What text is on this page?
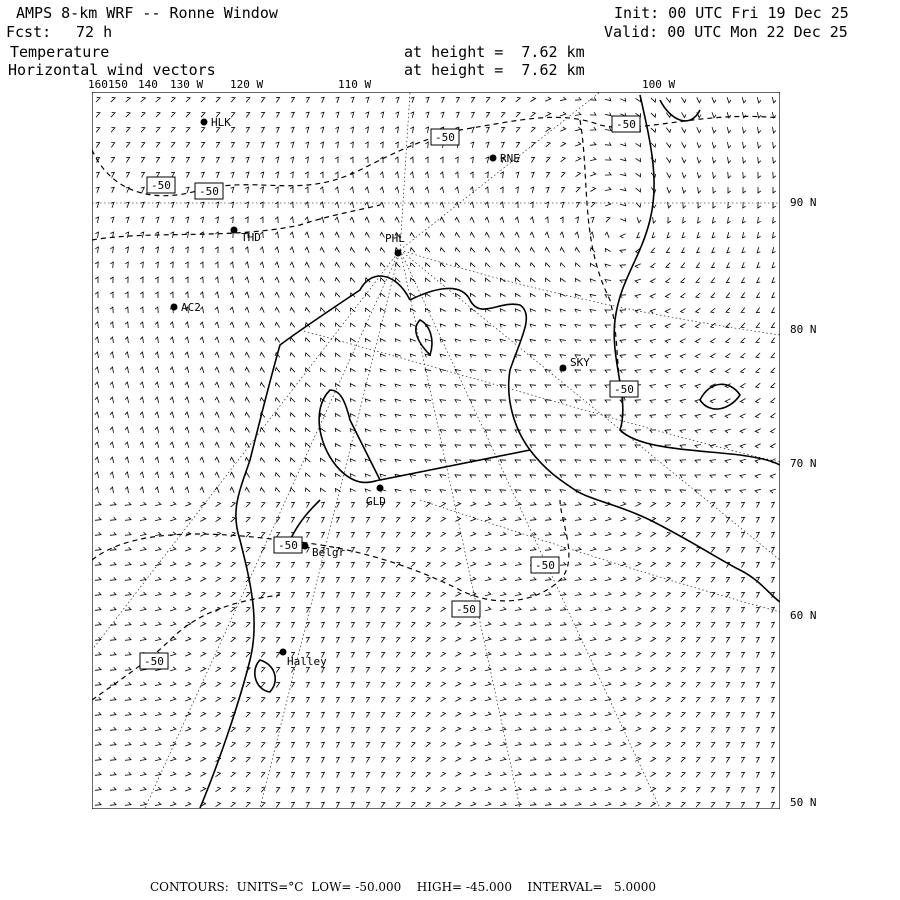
AMPS 8-km WRF -- Ronne Window
Fcst: 72 h
Init: 00 UTC Fri 19 Dec 25
Valid: 00 UTC Mon 22 Dec 25
Temperature	at height =  7.62 km
Horizontal wind vectors	at height =  7.62 km
160 150 140 130 W 120 W	110 W	100 W
90 N
80 N
70 N
60 N
50 N
HLK
RNE
THD	PHL
AC2
SKY
GLD
Belgr
Halley
-50
-50
-50	-50
-50
-50
-50
-50
-50
CONTOURS: UNITS=°C LOW= -50.000 HIGH= -45.000 INTERVAL=   5.0000
